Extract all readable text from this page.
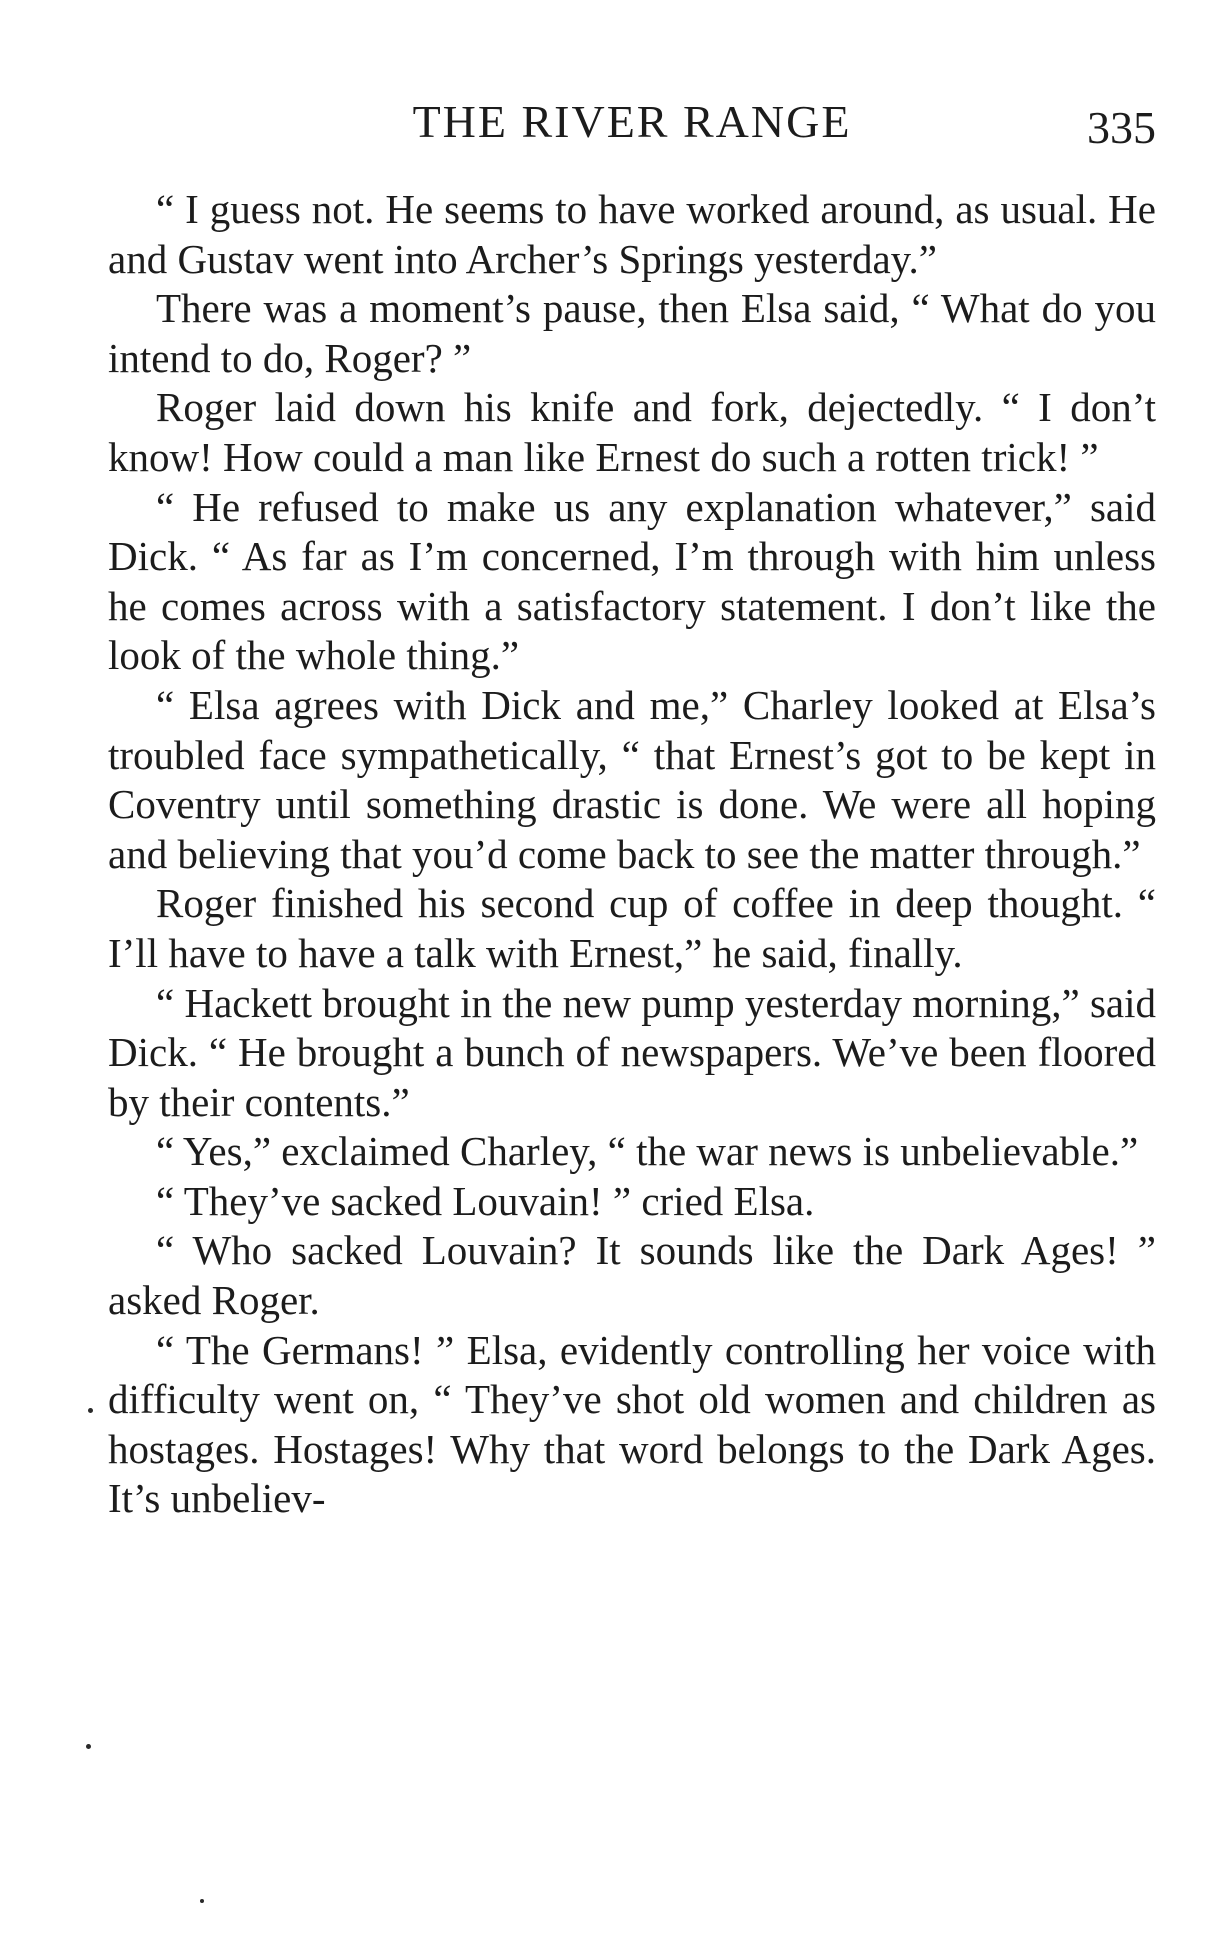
THE RIVER RANGE	335

“ I guess not. He seems to have worked around, as usual. He and Gustav went into Archer’s Springs yesterday.”

There was a moment’s pause, then Elsa said, “ What do you intend to do, Roger? ”

Roger laid down his knife and fork, dejectedly. “ I don’t know! How could a man like Ernest do such a rotten trick! ”

“ He refused to make us any explanation whatever,” said Dick. “ As far as I’m concerned, I’m through with him unless he comes across with a satisfactory statement. I don’t like the look of the whole thing.”

“ Elsa agrees with Dick and me,” Charley looked at Elsa’s troubled face sympathetically, “ that Ernest’s got to be kept in Coventry until something drastic is done. We were all hoping and believing that you’d come back to see the matter through.”

Roger finished his second cup of coffee in deep thought. “ I’ll have to have a talk with Ernest,” he said, finally.

“ Hackett brought in the new pump yesterday morning,” said Dick. “ He brought a bunch of newspapers. We’ve been floored by their contents.”

“ Yes,” exclaimed Charley, “ the war news is unbelievable.”

“ They’ve sacked Louvain! ” cried Elsa.

“ Who sacked Louvain? It sounds like the Dark Ages! ” asked Roger.

“ The Germans! ” Elsa, evidently controlling her voice with difficulty went on, “ They’ve shot old women and children as hostages. Hostages! Why that word belongs to the Dark Ages. It’s unbeliev-
